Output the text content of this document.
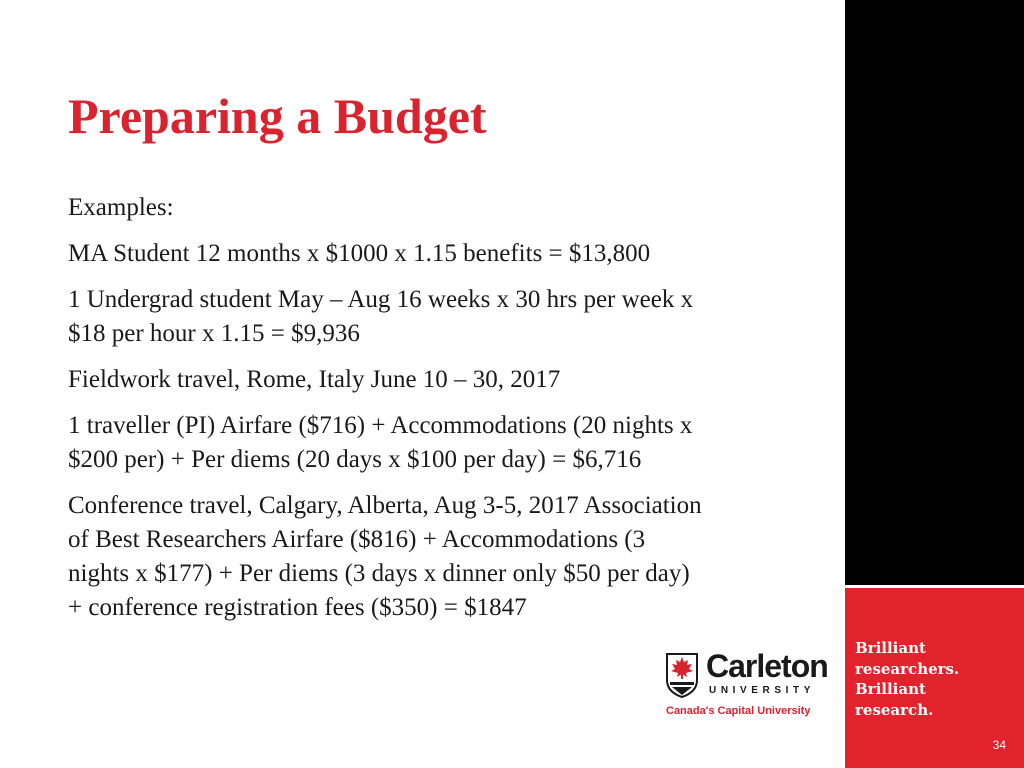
Preparing a Budget

Examples:

MA Student 12 months x $1000 x 1.15 benefits = $13,800

1 Undergrad student May – Aug 16 weeks x 30 hrs per week x
$18 per hour x 1.15 = $9,936

Fieldwork travel, Rome, Italy June 10 – 30, 2017

1 traveller (PI) Airfare ($716) + Accommodations (20 nights x
$200 per) + Per diems (20 days x $100 per day) = $6,716

Conference travel, Calgary, Alberta, Aug 3-5, 2017 Association
of Best Researchers Airfare ($816) + Accommodations (3
nights x $177) + Per diems (3 days x dinner only $50 per day)
+ conference registration fees ($350) = $1847

Brilliant
researchers.
Brilliant
research.
34
Carleton
UNIVERSITY
Canada's Capital University
